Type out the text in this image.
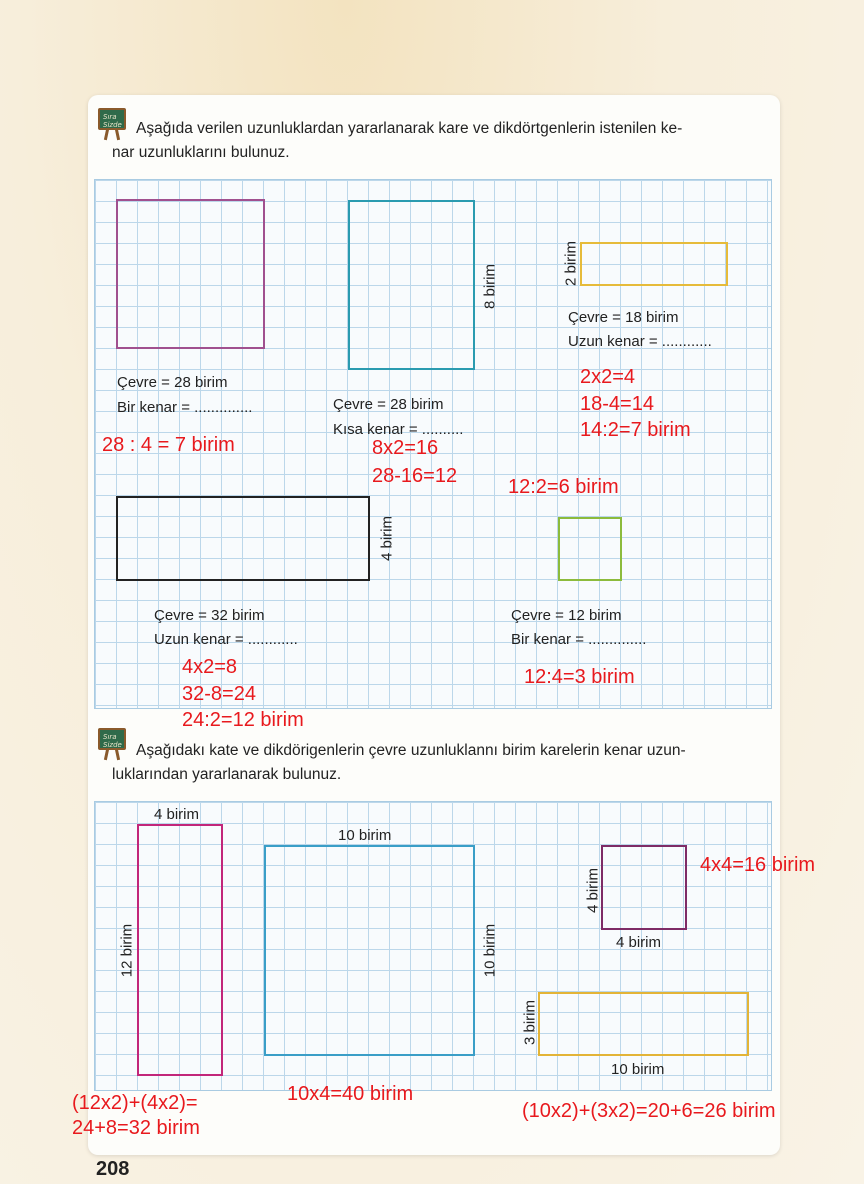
Sıra Sizde Aşağıda verilen uzunluklardan yararlanarak kare ve dikdörtgenlerin istenilen ke-
nar uzunluklarını bulunuz.
8 birim
2 birim
4 birim
Çevre = 28 birim
Bir kenar = ..............
28 : 4 = 7 birim
Çevre = 28 birim
Kısa kenar = ..........
8x2=16
28-16=12	12:2=6 birim
Çevre = 18 birim
Uzun kenar = ............
2x2=4
18-4=14
14:2=7 birim
Çevre = 32 birim
Uzun kenar = ............
4x2=8
32-8=24
24:2=12 birim
Çevre = 12 birim
Bir kenar = ..............
12:4=3 birim
Sıra Sizde Aşağıdakı kate ve dikdörigenlerin çevre uzunluklannı birim karelerin kenar uzun-
luklarından yararlanarak bulunuz.
4 birim
12 birim
10 birim
10 birim
4 birim
4 birim
3 birim
10 birim
(12x2)+(4x2)=
24+8=32 birim
10x4=40 birim
4x4=16 birim
(10x2)+(3x2)=20+6=26 birim
208
